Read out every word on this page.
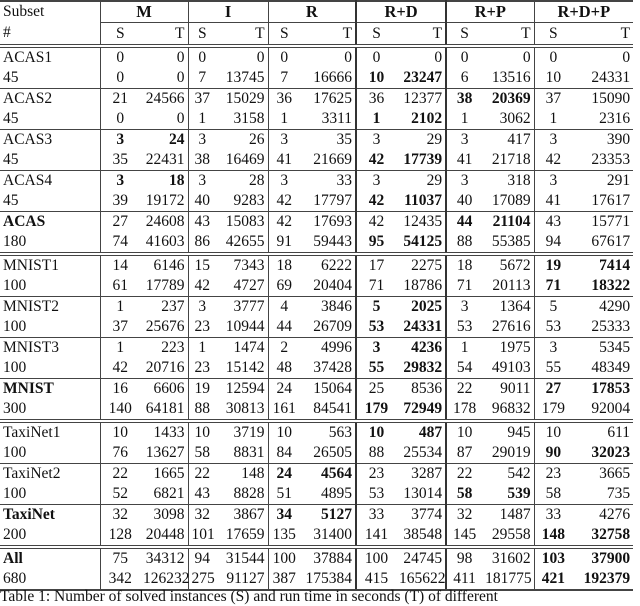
Subset	M		I		R		R+D		R+P		R+D+P	
#	S	T	S	T	S	T	S	T	S	T	S	T
ACAS1	0	0	0	0	0	0	0	0	0	0	0	0
45	0	0	7	13745	7	16666	10	23247	6	13516	10	24331
ACAS2	21	24566	37	15029	36	17625	36	12377	38	20369	37	15090
45	0	0	1	3158	1	3311	1	2102	1	3062	1	2316
ACAS3	3	24	3	26	3	35	3	29	3	417	3	390
45	35	22431	38	16469	41	21669	42	17739	41	21718	42	23353
ACAS4	3	18	3	28	3	33	3	29	3	318	3	291
45	39	19172	40	9283	42	17797	42	11037	40	17089	41	17617
ACAS	27	24608	43	15083	42	17693	42	12435	44	21104	43	15771
180	74	41603	86	42655	91	59443	95	54125	88	55385	94	67617
MNIST1	14	6146	15	7343	18	6222	17	2275	18	5672	19	7414
100	61	17789	42	4727	69	20404	71	18786	71	20113	71	18322
MNIST2	1	237	3	3777	4	3846	5	2025	3	1364	5	4290
100	37	25676	23	10944	44	26709	53	24331	53	27616	53	25333
MNIST3	1	223	1	1474	2	4996	3	4236	1	1975	3	5345
100	42	20716	23	15142	48	37428	55	29832	54	49103	55	48349
MNIST	16	6606	19	12594	24	15064	25	8536	22	9011	27	17853
300	140	64181	88	30813	161	84541	179	72949	178	96832	179	92004
TaxiNet1	10	1433	10	3719	10	563	10	487	10	945	10	611
100	76	13627	58	8831	84	26505	88	25534	87	29019	90	32023
TaxiNet2	22	1665	22	148	24	4564	23	3287	22	542	23	3665
100	52	6821	43	8828	51	4895	53	13014	58	539	58	735
TaxiNet	32	3098	32	3867	34	5127	33	3774	32	1487	33	4276
200	128	20448	101	17659	135	31400	141	38548	145	29558	148	32758
All	75	34312	94	31544	100	37884	100	24745	98	31602	103	37900
680	342	126232	275	91127	387	175384	415	165622	411	181775	421	192379
Table 1: Number of solved instances (S) and run time in seconds (T) of different
